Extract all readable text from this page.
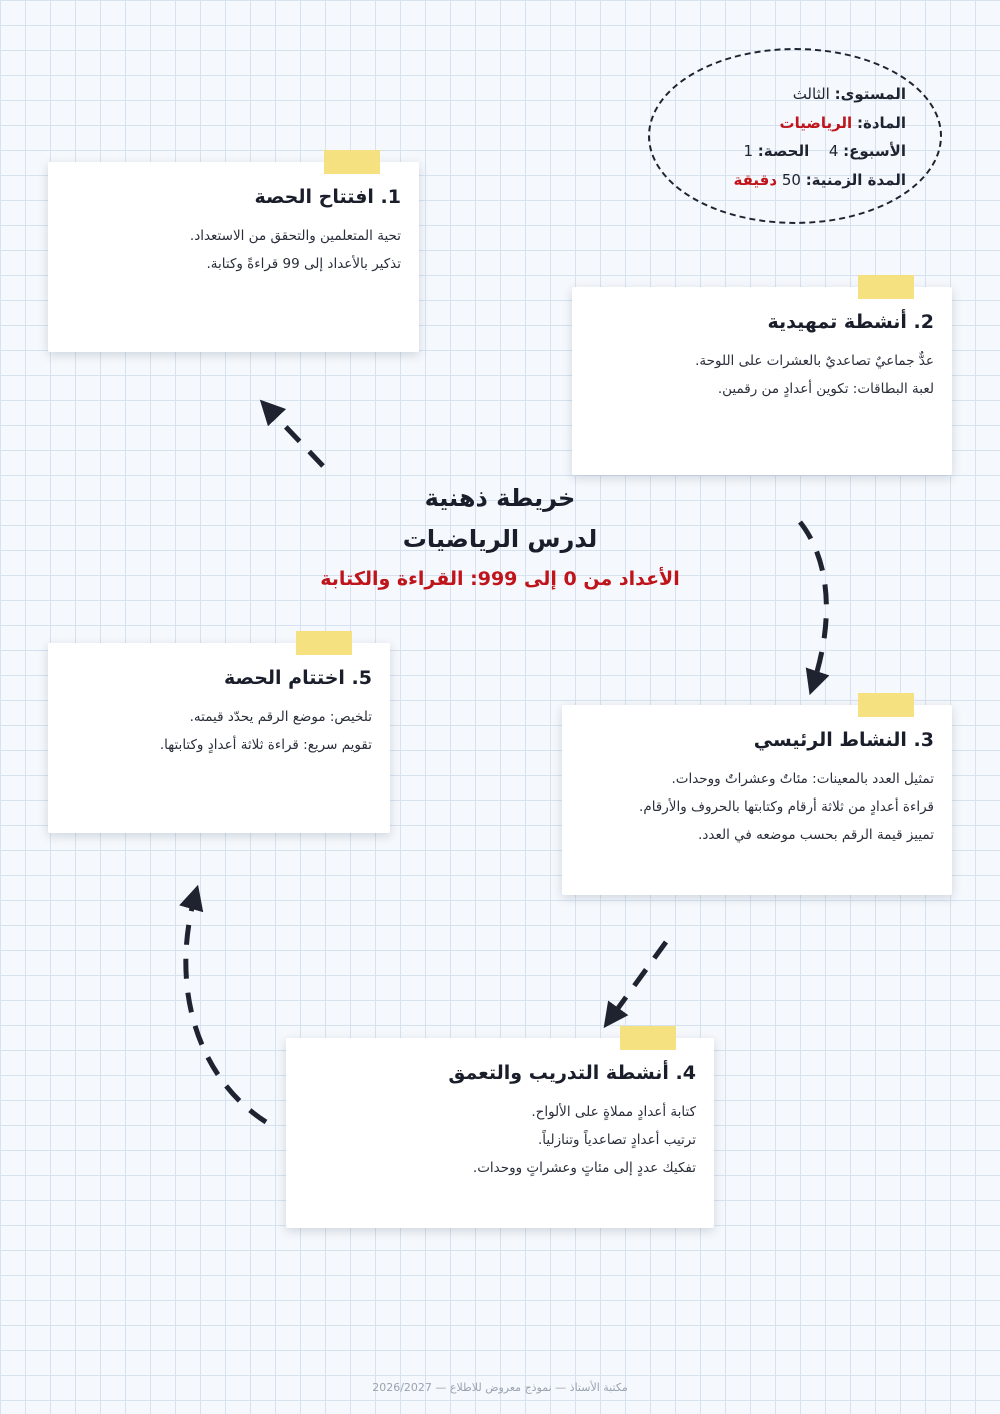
المستوى: الثالث
المادة: الرياضيات
الأسبوع: 4  الحصة: 1
المدة الزمنية: 50 دقيقة
1. افتتاح الحصة

تحية المتعلمين والتحقق من الاستعداد.

تذكير بالأعداد إلى 99 قراءةً وكتابة.

2. أنشطة تمهيدية

عدٌّ جماعيٌ تصاعديٌ بالعشرات على اللوحة.

لعبة البطاقات: تكوين أعدادٍ من رقمين.

3. النشاط الرئيسي

تمثيل العدد بالمعينات: مئاتٌ وعشراتٌ ووحدات.

قراءة أعدادٍ من ثلاثة أرقام وكتابتها بالحروف والأرقام.

تمييز قيمة الرقم بحسب موضعه في العدد.

4. أنشطة التدريب والتعمق

كتابة أعدادٍ مملاةٍ على الألواح.

ترتيب أعدادٍ تصاعدياً وتنازلياً.

تفكيك عددٍ إلى مئاتٍ وعشراتٍ ووحدات.

5. اختتام الحصة

تلخيص: موضع الرقم يحدّد قيمته.

تقويم سريع: قراءة ثلاثة أعدادٍ وكتابتها.

خريطة ذهنية
لدرس الرياضيات
الأعداد من 0 إلى 999: القراءة والكتابة
مكتبة الأستاذ — نموذج معروض للاطلاع — 2026/2027
